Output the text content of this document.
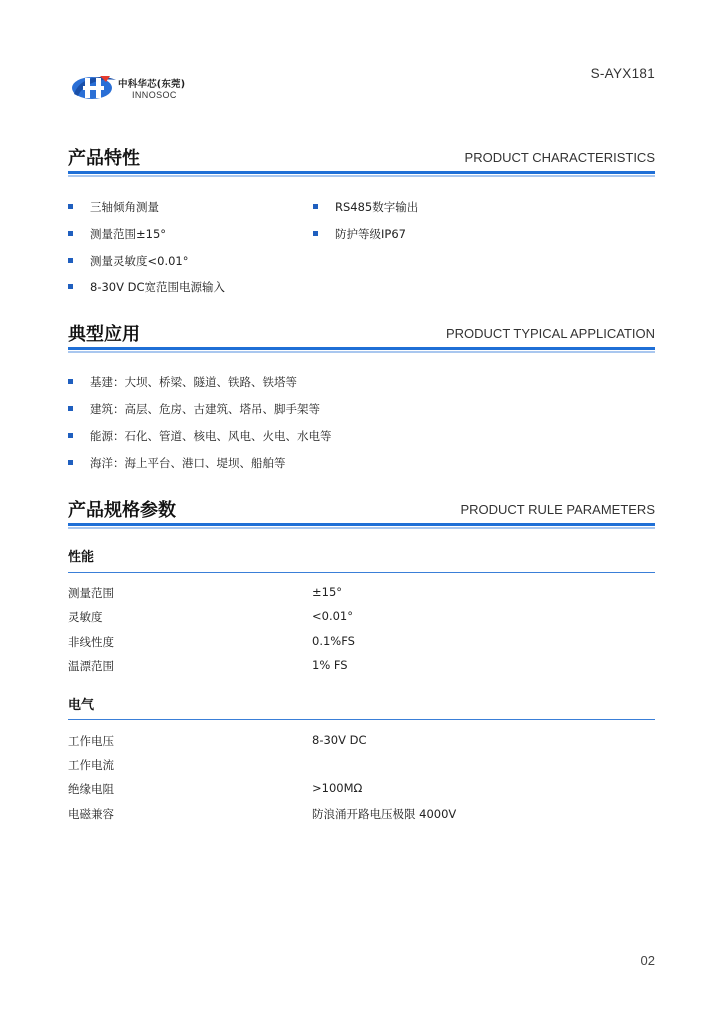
中科华芯(东莞)
INNOSOC
S-AYX181
产品特性	PRODUCT CHARACTERISTICS
三轴倾角测量
测量范围±15°
测量灵敏度<0.01°
8-30V DC宽范围电源输入
RS485数字输出
防护等级IP67
典型应用	PRODUCT TYPICAL APPLICATION
基建：大坝、桥梁、隧道、铁路、铁塔等
建筑：高层、危房、古建筑、塔吊、脚手架等
能源：石化、管道、核电、风电、火电、水电等
海洋：海上平台、港口、堤坝、船舶等
产品规格参数	PRODUCT RULE PARAMETERS
性能
测量范围	±15°
灵敏度	<0.01°
非线性度	0.1%FS
温漂范围	1% FS
电气
工作电压	8-30V DC
工作电流
绝缘电阻	>100MΩ
电磁兼容	防浪涌开路电压极限 4000V
02
